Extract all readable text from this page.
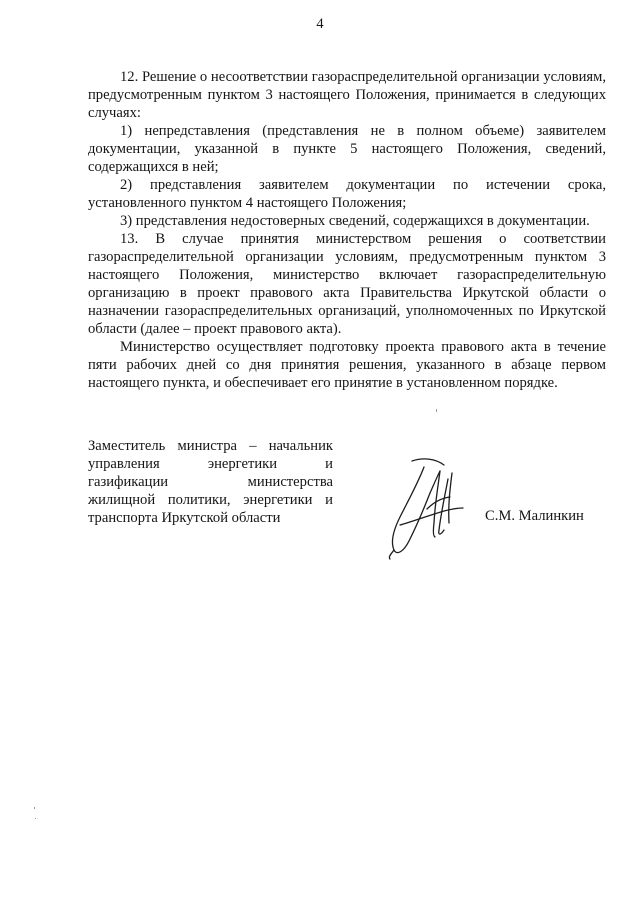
4

12. Решение о несоответствии газораспределительной организации условиям, предусмотренным пунктом 3 настоящего Положения, принимается в следующих случаях:

1) непредставления (представления не в полном объеме) заявителем документации, указанной в пункте 5 настоящего Положения, сведений, содержащихся в ней;

2) представления заявителем документации по истечении срока, установленного пунктом 4 настоящего Положения;

3) представления недостоверных сведений, содержащихся в документации.

13. В случае принятия министерством решения о соответствии газораспределительной организации условиям, предусмотренным пунктом 3 настоящего Положения, министерство включает газораспределительную организацию в проект правового акта Правительства Иркутской области о назначении газораспределительных организаций, уполномоченных по Иркутской области (далее – проект правового акта).

Министерство осуществляет подготовку проекта правового акта в течение пяти рабочих дней со дня принятия решения, указанного в абзаце первом настоящего пункта, и обеспечивает его принятие в установленном порядке.

Заместитель министра – начальник
управления энергетики и
газификации министерства
жилищной политики, энергетики и
транспорта Иркутской области	С.М. Малинкин
